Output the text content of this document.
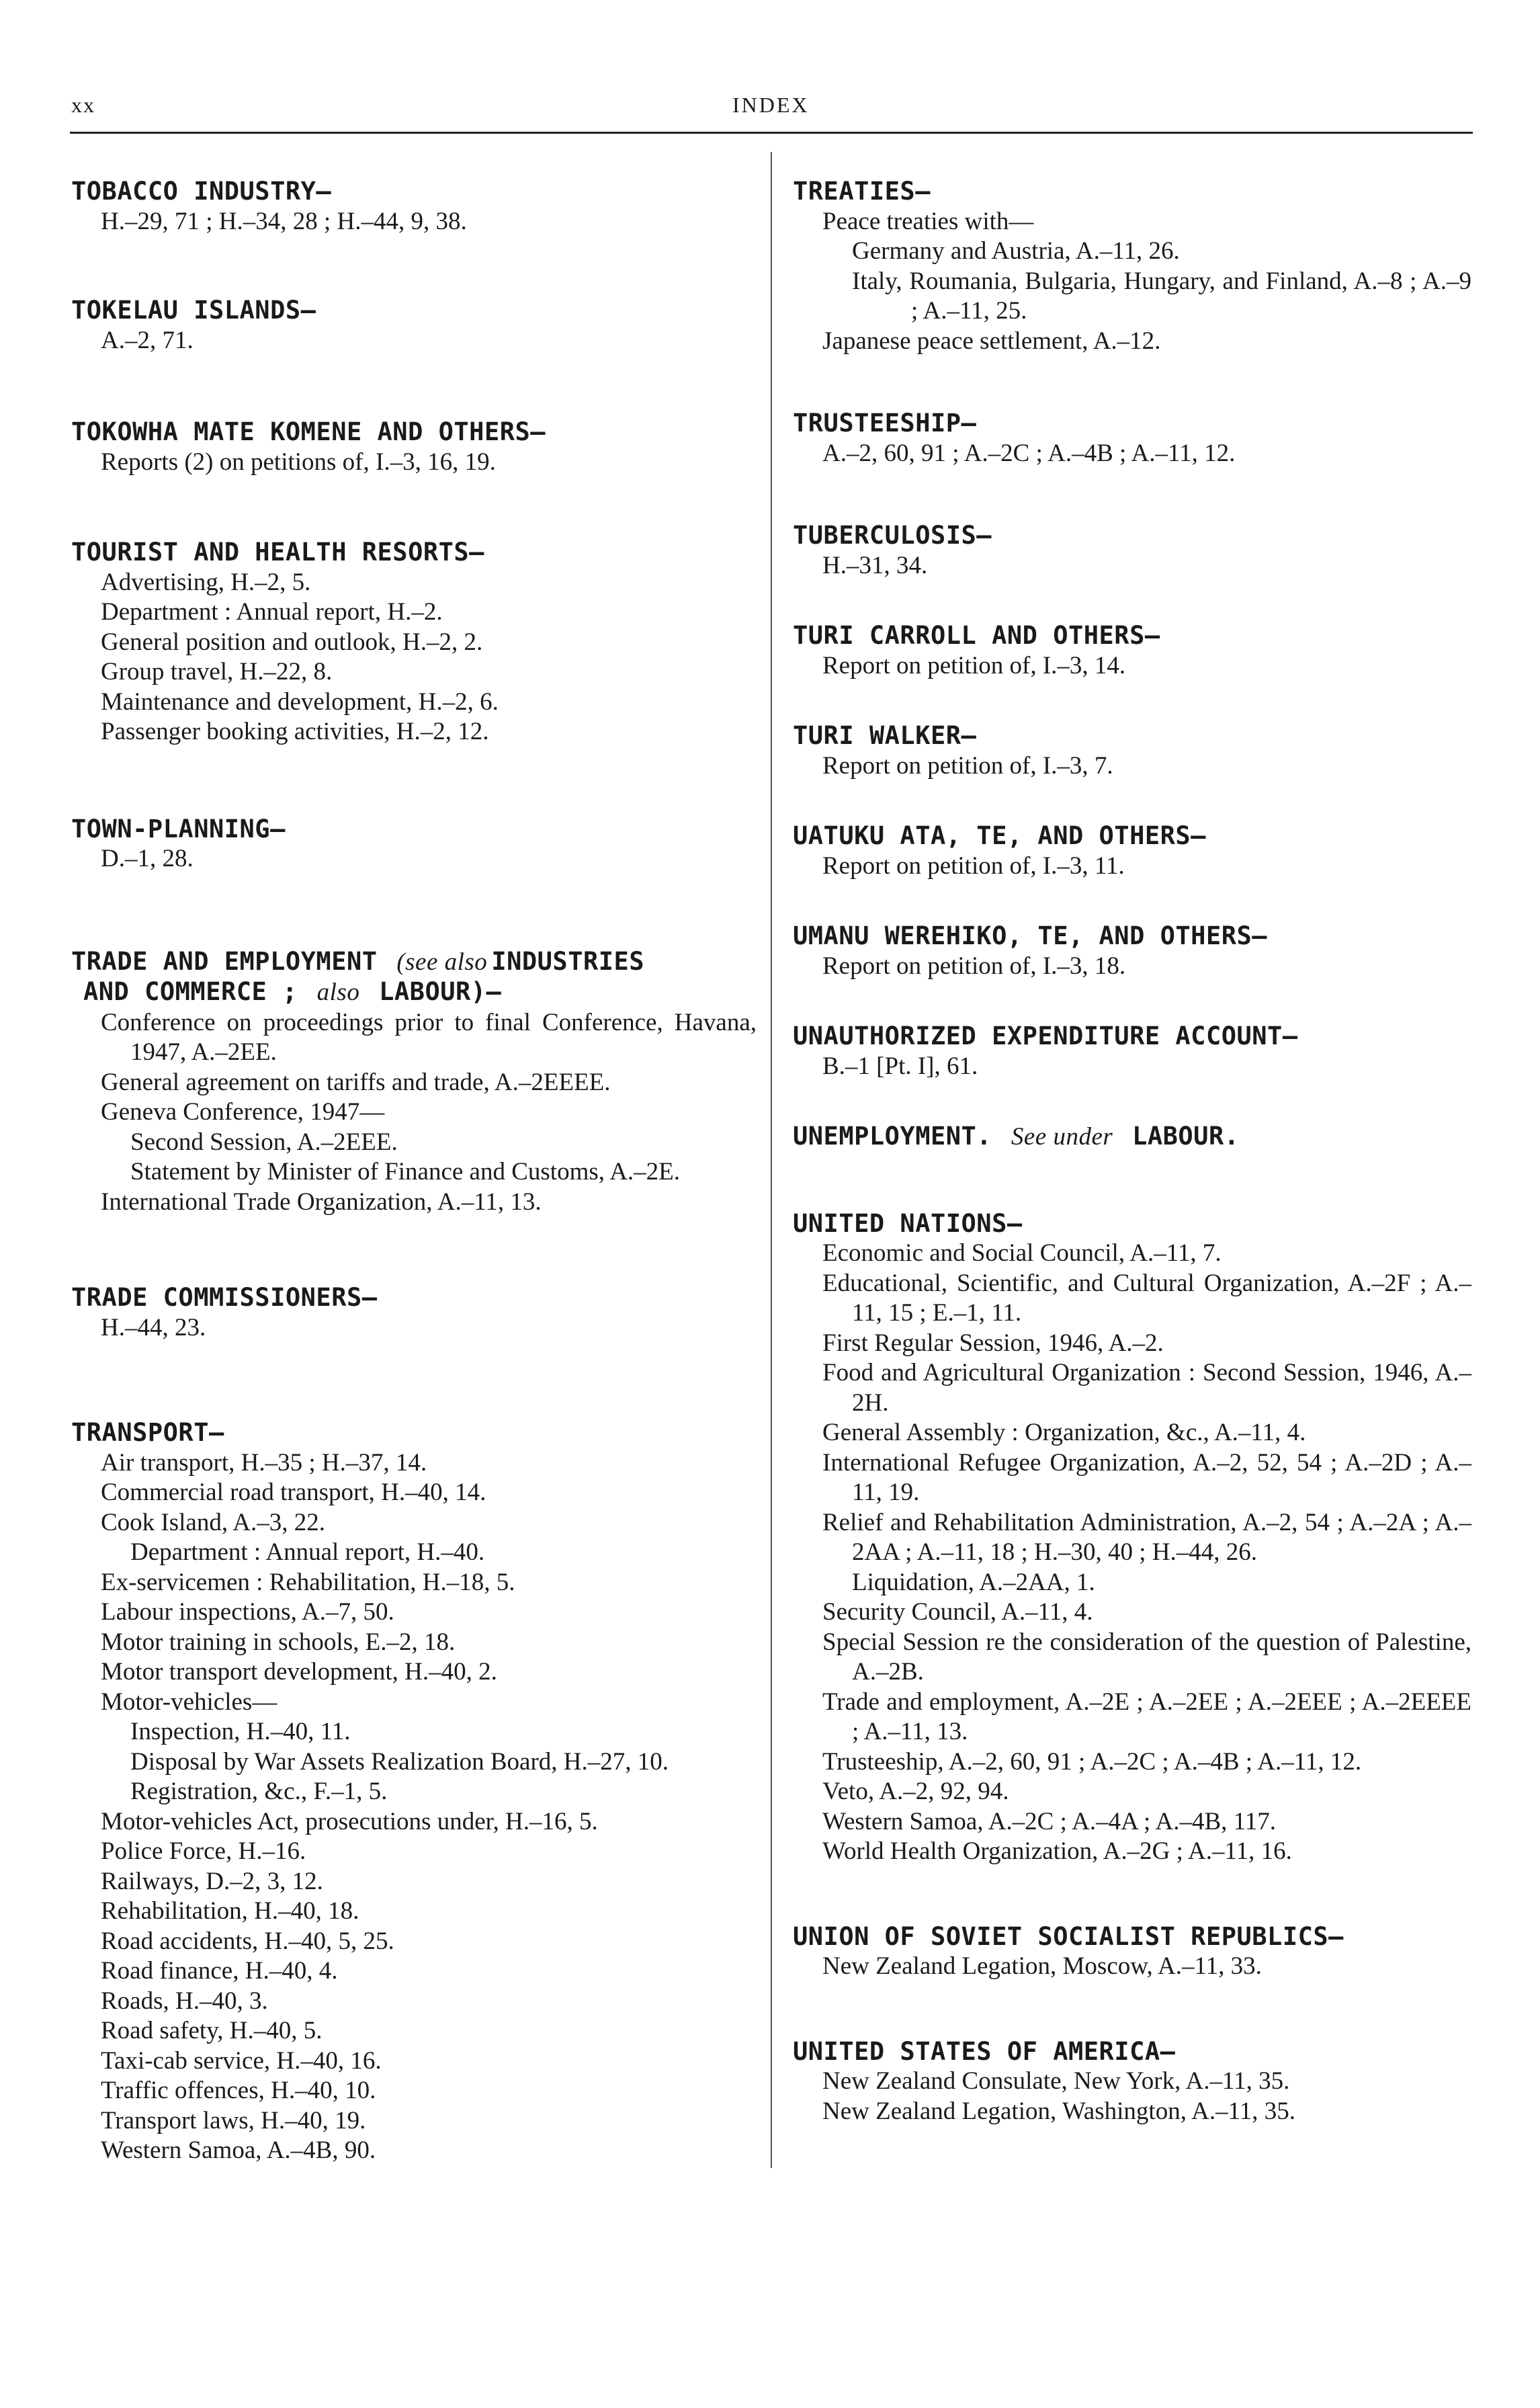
xx	INDEX
TOBACCO INDUSTRY—
H.–29, 71 ; H.–34, 28 ; H.–44, 9, 38.
TOKELAU ISLANDS—
A.–2, 71.
TOKOWHA MATE KOMENE AND OTHERS—
Reports (2) on petitions of, I.–3, 16, 19.
TOURIST AND HEALTH RESORTS—
Advertising, H.–2, 5.
Department : Annual report, H.–2.
General position and outlook, H.–2, 2.
Group travel, H.–22, 8.
Maintenance and development, H.–2, 6.
Passenger booking activities, H.–2, 12.
TOWN-PLANNING—
D.–1, 28.
TRADE AND EMPLOYMENT (see also INDUSTRIES
AND COMMERCE ; also LABOUR)—
Conference on proceedings prior to final Conference, Havana, 1947, A.–2EE.
General agreement on tariffs and trade, A.–2EEEE.
Geneva Conference, 1947—
Second Session, A.–2EEE.
Statement by Minister of Finance and Customs, A.–2E.
International Trade Organization, A.–11, 13.
TRADE COMMISSIONERS—
H.–44, 23.
TRANSPORT—
Air transport, H.–35 ; H.–37, 14.
Commercial road transport, H.–40, 14.
Cook Island, A.–3, 22.
Department : Annual report, H.–40.
Ex-servicemen : Rehabilitation, H.–18, 5.
Labour inspections, A.–7, 50.
Motor training in schools, E.–2, 18.
Motor transport development, H.–40, 2.
Motor-vehicles—
Inspection, H.–40, 11.
Disposal by War Assets Realization Board, H.–27, 10.
Registration, &c., F.–1, 5.
Motor-vehicles Act, prosecutions under, H.–16, 5.
Police Force, H.–16.
Railways, D.–2, 3, 12.
Rehabilitation, H.–40, 18.
Road accidents, H.–40, 5, 25.
Road finance, H.–40, 4.
Roads, H.–40, 3.
Road safety, H.–40, 5.
Taxi-cab service, H.–40, 16.
Traffic offences, H.–40, 10.
Transport laws, H.–40, 19.
Western Samoa, A.–4B, 90.
TREATIES—
Peace treaties with—
Germany and Austria, A.–11, 26.
Italy, Roumania, Bulgaria, Hungary, and Finland, A.–8 ; A.–9 ; A.–11, 25.
Japanese peace settlement, A.–12.
TRUSTEESHIP—
A.–2, 60, 91 ; A.–2C ; A.–4B ; A.–11, 12.
TUBERCULOSIS—
H.–31, 34.
TURI CARROLL AND OTHERS—
Report on petition of, I.–3, 14.
TURI WALKER—
Report on petition of, I.–3, 7.
UATUKU ATA, TE, AND OTHERS—
Report on petition of, I.–3, 11.
UMANU WEREHIKO, TE, AND OTHERS—
Report on petition of, I.–3, 18.
UNAUTHORIZED EXPENDITURE ACCOUNT—
B.–1 [Pt. I], 61.
UNEMPLOYMENT. See under LABOUR.
UNITED NATIONS—
Economic and Social Council, A.–11, 7.
Educational, Scientific, and Cultural Organization, A.–2F ; A.–11, 15 ; E.–1, 11.
First Regular Session, 1946, A.–2.
Food and Agricultural Organization : Second Session, 1946, A.–2H.
General Assembly : Organization, &c., A.–11, 4.
International Refugee Organization, A.–2, 52, 54 ; A.–2D ; A.–11, 19.
Relief and Rehabilitation Administration, A.–2, 54 ; A.–2A ; A.–2AA ; A.–11, 18 ; H.–30, 40 ; H.–44, 26.
Liquidation, A.–2AA, 1.
Security Council, A.–11, 4.
Special Session re the consideration of the question of Palestine, A.–2B.
Trade and employment, A.–2E ; A.–2EE ; A.–2EEE ; A.–2EEEE ; A.–11, 13.
Trusteeship, A.–2, 60, 91 ; A.–2C ; A.–4B ; A.–11, 12.
Veto, A.–2, 92, 94.
Western Samoa, A.–2C ; A.–4A ; A.–4B, 117.
World Health Organization, A.–2G ; A.–11, 16.
UNION OF SOVIET SOCIALIST REPUBLICS—
New Zealand Legation, Moscow, A.–11, 33.
UNITED STATES OF AMERICA—
New Zealand Consulate, New York, A.–11, 35.
New Zealand Legation, Washington, A.–11, 35.
